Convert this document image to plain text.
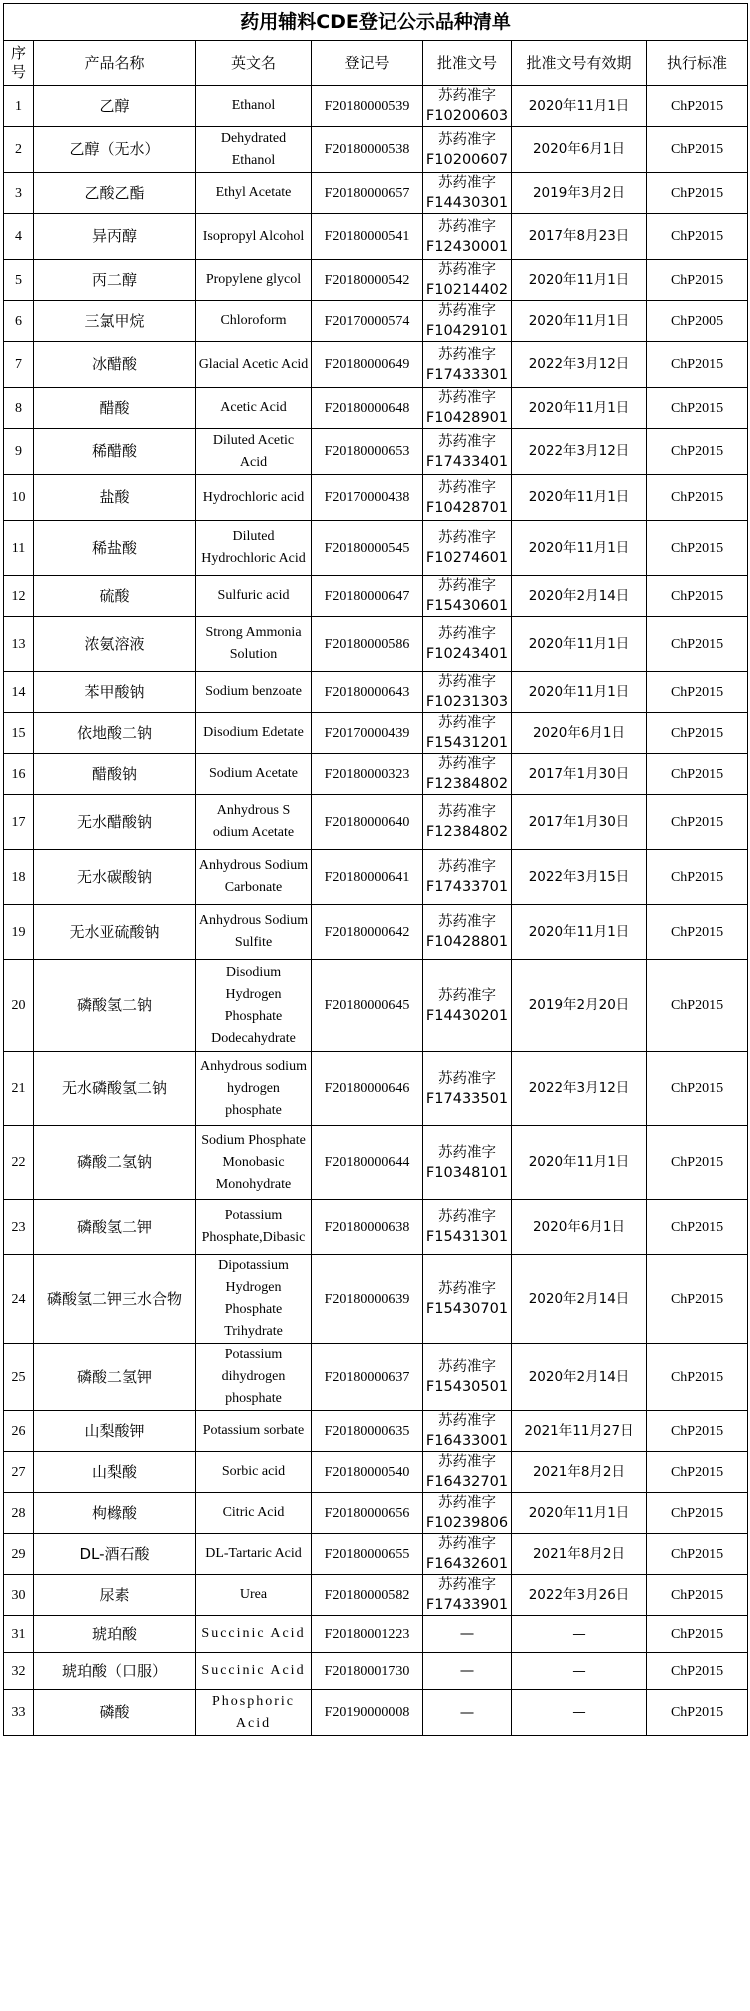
药用辅料CDE登记公示品种清单						

序
号	产品名称	英文名	登记号	批准文号	批准文号有效期	执行标准
1	乙醇	Ethanol	F20180000539	苏药准字F10200603	2020年11月1日	ChP2015
2	乙醇（无水）	Dehydrated Ethanol	F20180000538	苏药准字F10200607	2020年6月1日	ChP2015
3	乙酸乙酯	Ethyl Acetate	F20180000657	苏药准字F14430301	2019年3月2日	ChP2015
4	异丙醇	Isopropyl Alcohol	F20180000541	苏药准字F12430001	2017年8月23日	ChP2015
5	丙二醇	Propylene glycol	F20180000542	苏药准字F10214402	2020年11月1日	ChP2015
6	三氯甲烷	Chloroform	F20170000574	苏药准字F10429101	2020年11月1日	ChP2005
7	冰醋酸	Glacial Acetic Acid	F20180000649	苏药准字F17433301	2022年3月12日	ChP2015
8	醋酸	Acetic Acid	F20180000648	苏药准字F10428901	2020年11月1日	ChP2015
9	稀醋酸	Diluted Acetic Acid	F20180000653	苏药准字F17433401	2022年3月12日	ChP2015
10	盐酸	Hydrochloric acid	F20170000438	苏药准字F10428701	2020年11月1日	ChP2015
11	稀盐酸	Diluted Hydrochloric Acid	F20180000545	苏药准字F10274601	2020年11月1日	ChP2015
12	硫酸	Sulfuric acid	F20180000647	苏药准字F15430601	2020年2月14日	ChP2015
13	浓氨溶液	Strong Ammonia Solution	F20180000586	苏药准字F10243401	2020年11月1日	ChP2015
14	苯甲酸钠	Sodium benzoate	F20180000643	苏药准字F10231303	2020年11月1日	ChP2015
15	依地酸二钠	Disodium Edetate	F20170000439	苏药准字F15431201	2020年6月1日	ChP2015
16	醋酸钠	Sodium Acetate	F20180000323	苏药准字F12384802	2017年1月30日	ChP2015
17	无水醋酸钠	Anhydrous S odium Acetate	F20180000640	苏药准字F12384802	2017年1月30日	ChP2015
18	无水碳酸钠	Anhydrous Sodium Carbonate	F20180000641	苏药准字F17433701	2022年3月15日	ChP2015
19	无水亚硫酸钠	Anhydrous Sodium Sulfite	F20180000642	苏药准字F10428801	2020年11月1日	ChP2015
20	磷酸氢二钠	Disodium Hydrogen Phosphate Dodecahydrate	F20180000645	苏药准字F14430201	2019年2月20日	ChP2015
21	无水磷酸氢二钠	Anhydrous sodium hydrogen phosphate	F20180000646	苏药准字F17433501	2022年3月12日	ChP2015
22	磷酸二氢钠	Sodium Phosphate Monobasic Monohydrate	F20180000644	苏药准字F10348101	2020年11月1日	ChP2015
23	磷酸氢二钾	Potassium Phosphate,Dibasic	F20180000638	苏药准字F15431301	2020年6月1日	ChP2015
24	磷酸氢二钾三水合物	Dipotassium Hydrogen Phosphate Trihydrate	F20180000639	苏药准字F15430701	2020年2月14日	ChP2015
25	磷酸二氢钾	Potassium dihydrogen phosphate	F20180000637	苏药准字F15430501	2020年2月14日	ChP2015
26	山梨酸钾	Potassium sorbate	F20180000635	苏药准字F16433001	2021年11月27日	ChP2015
27	山梨酸	Sorbic acid	F20180000540	苏药准字F16432701	2021年8月2日	ChP2015
28	枸橼酸	Citric Acid	F20180000656	苏药准字F10239806	2020年11月1日	ChP2015
29	DL-酒石酸	DL-Tartaric Acid	F20180000655	苏药准字F16432601	2021年8月2日	ChP2015
30	尿素	Urea	F20180000582	苏药准字F17433901	2022年3月26日	ChP2015
31	琥珀酸	Succinic Acid	F20180001223	—	—	ChP2015
32	琥珀酸（口服）	Succinic Acid	F20180001730	—	—	ChP2015
33	磷酸	Phosphoric Acid	F20190000008	—	—	ChP2015
